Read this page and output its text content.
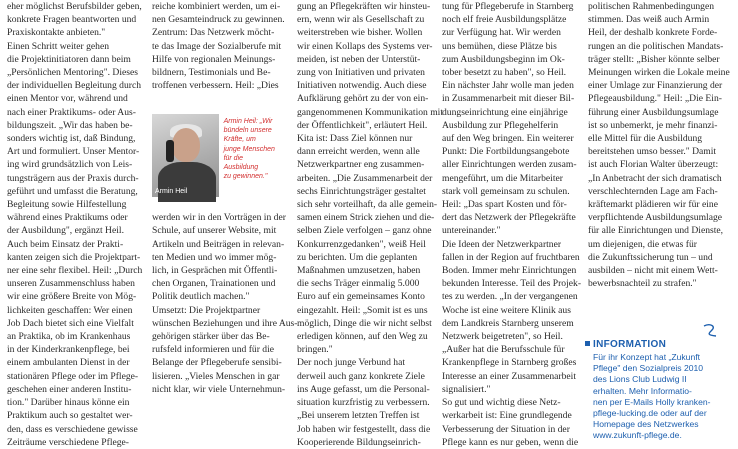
eher möglichst Berufsbilder geben,
konkrete Fragen beantworten und
Praxiskontakte anbieten."
Einen Schritt weiter gehen
die Projektinitiatoren dann beim
„Persönlichen Mentoring". Dieses
der individuellen Begleitung durch
einen Mentor vor, während und
nach einer Praktikums- oder Aus-
bildungszeit. „Wir das haben be-
sonders wichtig ist, daß Bindung,
Art und formuliert. Unser Mentor-
ing wird grundsätzlich von Leis-
tungsträgern aus der Praxis durch-
geführt und umfasst die Beratung,
Begleitung sowie Hilfestellung
während eines Praktikums oder
der Ausbildung", ergänzt Heil.
Auch beim Einsatz der Prakti-
kanten zeigen sich die Projektpart-
ner eine sehr flexibel. Heil: „Durch
unseren Zusammenschluss haben
wir eine größere Breite von Mög-
lichkeiten geschaffen: Wer einen
Job Dach bietet sich eine Vielfalt
an Praktika, ob im Krankenhaus
in der Kinderkrankenpflege, bei
einem ambulanten Dienst in der
stationären Pflege oder im Pflege-
geschehen einer anderen Institu-
tion." Darüber hinaus könne ein
Praktikum auch so gestaltet wer-
den, dass es verschiedene gewisse
Zeiträume verschiedene Pflege-
reiche kombiniert werden, um ei-
nen Gesamteindruck zu gewinnen.
Zentrum: Das Netzwerk möcht-
te das Image der Sozialberufe mit
Hilfe von regionalen Meinungs-
bildnern, Testimonials und Be-
troffenen verbessern. Heil: „Dies
werden wir in den Vorträgen in der
Schule, auf unserer Website, mit
Artikeln und Beiträgen in relevan-
ten Medien und wo immer mög-
lich, in Gesprächen mit Öffentli-
chen Organen, Trainationen und
Politik deutlich machen."
Umsetzt: Die Projektpartner
wünschen Beziehungen und ihre Aus-
gehörigen stärker über das Be-
rufsfeld informieren und für die
Belange der Pflegeberufe sensibi-
lisieren. „Vieles Menschen in gar
nicht klar, wir viele Unternehmun-
gung an Pflegekräften wir hinsteu-
ern, wenn wir als Gesellschaft zu
weiterstreben wie bisher. Wollen
wir einen Kollaps des Systems ver-
meiden, ist neben der Unterstüt-
zung von Initiativen und privaten
Initiativen notwendig. Auch diese
Aufklärung gehört zu der von ein-
gangenommenen Kommunikation mit
der Öffentlichkeit", erläutert Heil.
Kita ist: Dass Ziel können nur
dann erreicht werden, wenn alle
Netzwerkpartner eng zusammen-
arbeiten. „Die Zusammenarbeit der
sechs Einrichtungsträger gestaltet
sich sehr vorteilhaft, da alle gemein-
samen einem Strick ziehen und die-
selben Ziele verfolgen – ganz ohne
Konkurrenzgedanken", weiß Heil
zu berichten. Um die geplanten
Maßnahmen umzusetzen, haben
die sechs Träger einmalig 5.000
Euro auf ein gemeinsames Konto
eingezahlt. Heil: „Somit ist es uns
möglich, Dinge die wir nicht selbst
erledigen können, auf den Weg zu
bringen."
Der noch junge Verbund hat
derweil auch ganz konkrete Ziele
ins Auge gefasst, um die Personal-
situation kurzfristig zu verbessern.
„Bei unserem letzten Treffen ist
Job haben wir festgestellt, dass die
Kooperierende Bildungseinrich-
tung für Pflegeberufe in Starnberg
noch elf freie Ausbildungsplätze
zur Verfügung hat. Wir werden
uns bemühen, diese Plätze bis
zum Ausbildungsbeginn im Ok-
tober besetzt zu haben", so Heil.
Ein nächster Jahr wolle man jeden
in Zusammenarbeit mit dieser Bil-
dungseinrichtung eine einjährige
Ausbildung zur Pflegehelferin
auf den Weg bringen. Ein weiterer
Punkt: Die Fortbildungsangebote
aller Einrichtungen werden zusam-
mengeführt, um die Mitarbeiter
stark voll gemeinsam zu schulen.
Heil: „Das spart Kosten und för-
dert das Netzwerk der Pflegekräfte
untereinander."
Die Ideen der Netzwerkpartner
fallen in der Region auf fruchtbaren
Boden. Immer mehr Einrichtungen
bekunden Interesse. Teil des Projek-
tes zu werden. „In der vergangenen
Woche ist eine weitere Klinik aus
dem Landkreis Starnberg unserem
Netzwerk beigetreten", so Heil.
„Außer hat die Berufsschule für
Krankenpflege in Starnberg großes
Interesse an einer Zusammenarbeit
signalisiert."
So gut und wichtig diese Netz-
werkarbeit ist: Eine grundlegende
Verbesserung der Situation in der
Pflege kann es nur geben, wenn die
politischen Rahmenbedingungen
stimmen. Das weiß auch Armin
Heil, der deshalb konkrete Forde-
rungen an die politischen Mandats-
träger stellt: „Bisher könnte selber
Meinungen wirken die Lokale meine
einer Umlage zur Finanzierung der
Pflegeausbildung." Heil: „Die Ein-
führung einer Ausbildungsumlage
ist so unbemerkt, je mehr finanzi-
elle Mittel für die Ausbildung
bereitstehen umso besser." Damit
ist auch Florian Walter überzeugt:
„In Anbetracht der sich dramatisch
verschlechternden Lage am Fach-
kräftemarkt plädieren wir für eine
verpflichtende Ausbildungsumlage
für alle Einrichtungen und Dienste,
um diejenigen, die etwas für
die Zukunftssicherung tun – und
ausbilden – nicht mit einem Wett-
bewerbsnachteil zu strafen."
Armin Heil
Armin Heil: „Wir
bündeln unsere
Kräfte, um
junge Menschen
für die
Ausbildung
zu gewinnen."
INFORMATION
Für ihr Konzept hat „Zukunft
Pflege" den Sozialpreis 2010
des Lions Club Ludwig II
erhalten. Mehr Informatio-
nen per E-Mails Holly kranken-
pflege-lucking.de oder auf der
Homepage des Netzwerkes
www.zukunft-pflege.de.
